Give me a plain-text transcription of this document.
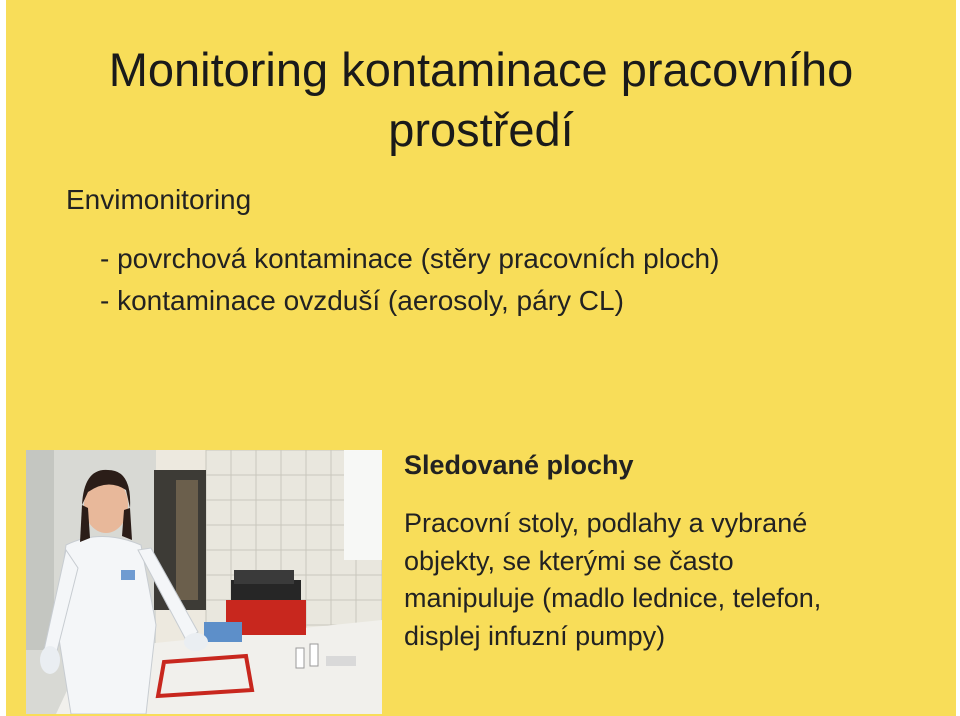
Monitoring kontaminace pracovního
prostředí
Envimonitoring
- povrchová kontaminace (stěry pracovních ploch)
- kontaminace ovzduší (aerosoly, páry CL)
Sledované plochy
Pracovní stoly, podlahy a vybrané
objekty, se kterými se často
manipuluje (madlo lednice, telefon,
displej infuzní pumpy)
